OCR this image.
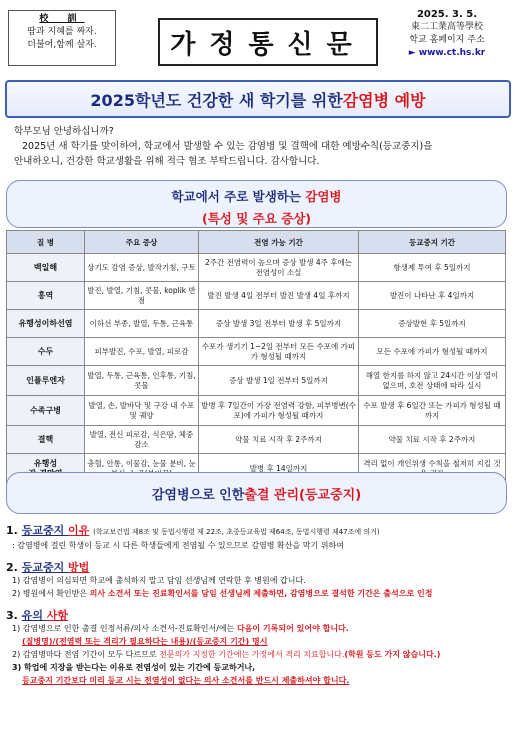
校 訓
땀과 지혜를 짜자.
더불어,함께 살자.	가정통신문
2025. 3. 5.
東二工業高等學校
학교 홈페이지 주소
► www.ct.hs.kr
2025학년도 건강한 새 학기를 위한 감염병 예방

학부모님 안녕하십니까?

2025년 새 학기를 맞이하여, 학교에서 발생할 수 있는 감염병 및 결핵에 대한 예방수칙(등교중지)을

안내하오니, 건강한 학교생활을 위해 적극 협조 부탁드립니다. 감사합니다.

학교에서 주로 발생하는 감염병
(특성 및 주요 증상)
질 병	주요 증상	전염 가능 기간	등교중지 기간
백일해	상기도 감염 증상, 발작기침, 구토	2주간 전염력이 높으며 증상 발생 4주 후에는 전염성이 소실	항생제 투여 후 5일까지
홍역	발진, 발열, 기침, 콧물, koplik 반점	발진 발생 4일 전부터 발진 발생 4일 후까지	발진이 나타난 후 4일까지
유행성이하선염	이하선 부종, 발열, 두통, 근육통	증상 발생 3일 전부터 발생 후 5일까지	증상발현 후 5일까지
수두	피부발진, 수포, 발열, 피로감	수포가 생기기 1~2일 전부터 모든 수포에 가피가 형성될 때까지	모든 수포에 가피가 형성될 때까지
인플루엔자	발열, 두통, 근육통, 인후통, 기침, 콧물	증상 발생 1일 전부터 5일까지	해열 한지를 하지 않고 24시간 이상 열이 없으며, 호전 상태에 따라 실시
수족구병	발열, 손, 발바닥 및 구강 내 수포 및 궤양	발병 후 7일간이 가장 전염력 강함, 피부병변(수포)에 가피가 형성될 때까지	수포 발생 후 6일간 또는 가피가 형성될 때까지
결핵	발열, 전신 피로감, 식은땀, 체중 감소	약물 치료 시작 후 2주까지	약물 치료 시작 후 2주까지
유행성	충혈, 안통, 이물감, 눈물 분비, 눈	발병 후 14일까지	격리 없이 개인위생 수칙을 철저히 지킬 것
감염병으로 인한 출결 관리(등교중지)
1. 등교중지 이유 (학교보건법 제8조 및 동법시행령 제 22조, 초중등교육법 제64조, 동법시행령 제47조에 의거)
: 감염병에 걸린 학생이 등교 시 다른 학생들에게 전염될 수 있으므로 감염병 확산을 막기 위하여
2. 등교중지 방법
1) 감염병이 의심되면 학교에 출석하지 말고 담임 선생님께 연락한 후 병원에 갑니다.
2) 병원에서 확인받은 의사 소견서 또는 진료확인서를 담임 선생님께 제출하면, 감염병으로 결석한 기간은 출석으로 인정
3. 유의 사항
1) 감염병으로 인한 출결 인정서류/의사 소견서-진료확인서/에는 다음이 기록되어 있어야 합니다.
(질병명)/(전염력 또는 격리가 필요하다는 내용)/(등교중지 기간) 명시
2) 감염병마다 전염 기간이 모두 다르므로 전문의가 지정한 기간에는 가정에서 격리 치료합니다.(학원 등도 가지 않습니다.)
3) 학업에 지장을 받는다는 이유로 전염성이 있는 기간에 등교하거나,
등교중지 기간보다 미리 등교 시는 전염성이 없다는 의사 소견서를 반드시 제출하셔야 합니다.
